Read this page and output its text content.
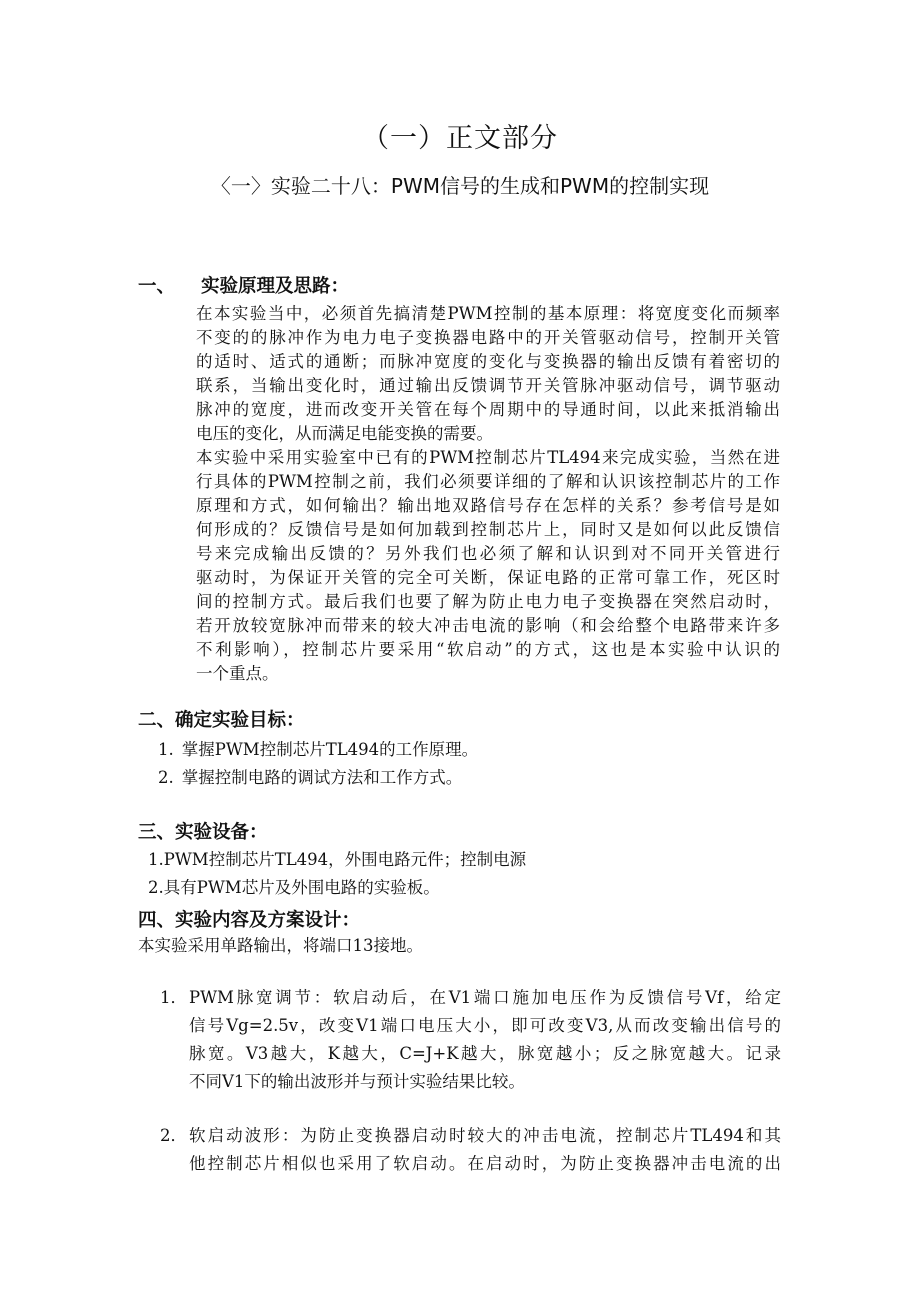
（一）正文部分
〈一〉实验二十八：PWM信号的生成和PWM的控制实现
一、 实验原理及思路：
在本实验当中，必须首先搞清楚PWM控制的基本原理：将宽度变化而频率
不变的的脉冲作为电力电子变换器电路中的开关管驱动信号，控制开关管
的适时、适式的通断；而脉冲宽度的变化与变换器的输出反馈有着密切的
联系，当输出变化时，通过输出反馈调节开关管脉冲驱动信号，调节驱动
脉冲的宽度，进而改变开关管在每个周期中的导通时间，以此来抵消输出
电压的变化，从而满足电能变换的需要。
本实验中采用实验室中已有的PWM控制芯片TL494来完成实验，当然在进
行具体的PWM控制之前，我们必须要详细的了解和认识该控制芯片的工作
原理和方式，如何输出？输出地双路信号存在怎样的关系？参考信号是如
何形成的？反馈信号是如何加载到控制芯片上，同时又是如何以此反馈信
号来完成输出反馈的？另外我们也必须了解和认识到对不同开关管进行
驱动时，为保证开关管的完全可关断，保证电路的正常可靠工作，死区时
间的控制方式。最后我们也要了解为防止电力电子变换器在突然启动时，
若开放较宽脉冲而带来的较大冲击电流的影响（和会给整个电路带来许多
不利影响），控制芯片要采用“软启动”的方式，这也是本实验中认识的
一个重点。
二、确定实验目标：
1. 掌握PWM控制芯片TL494的工作原理。
2. 掌握控制电路的调试方法和工作方式。
三、实验设备：
1.PWM控制芯片TL494，外围电路元件；控制电源
2.具有PWM芯片及外围电路的实验板。
四、实验内容及方案设计：
本实验采用单路输出，将端口13接地。
1． PWM脉宽调节：软启动后，在V1端口施加电压作为反馈信号Vf，给定
信号Vg=2.5v，改变V1端口电压大小，即可改变V3,从而改变输出信号的
脉宽。V3越大，K越大，C=J+K越大，脉宽越小；反之脉宽越大。记录
不同V1下的输出波形并与预计实验结果比较。
2． 软启动波形：为防止变换器启动时较大的冲击电流，控制芯片TL494和其
他控制芯片相似也采用了软启动。在启动时，为防止变换器冲击电流的出
